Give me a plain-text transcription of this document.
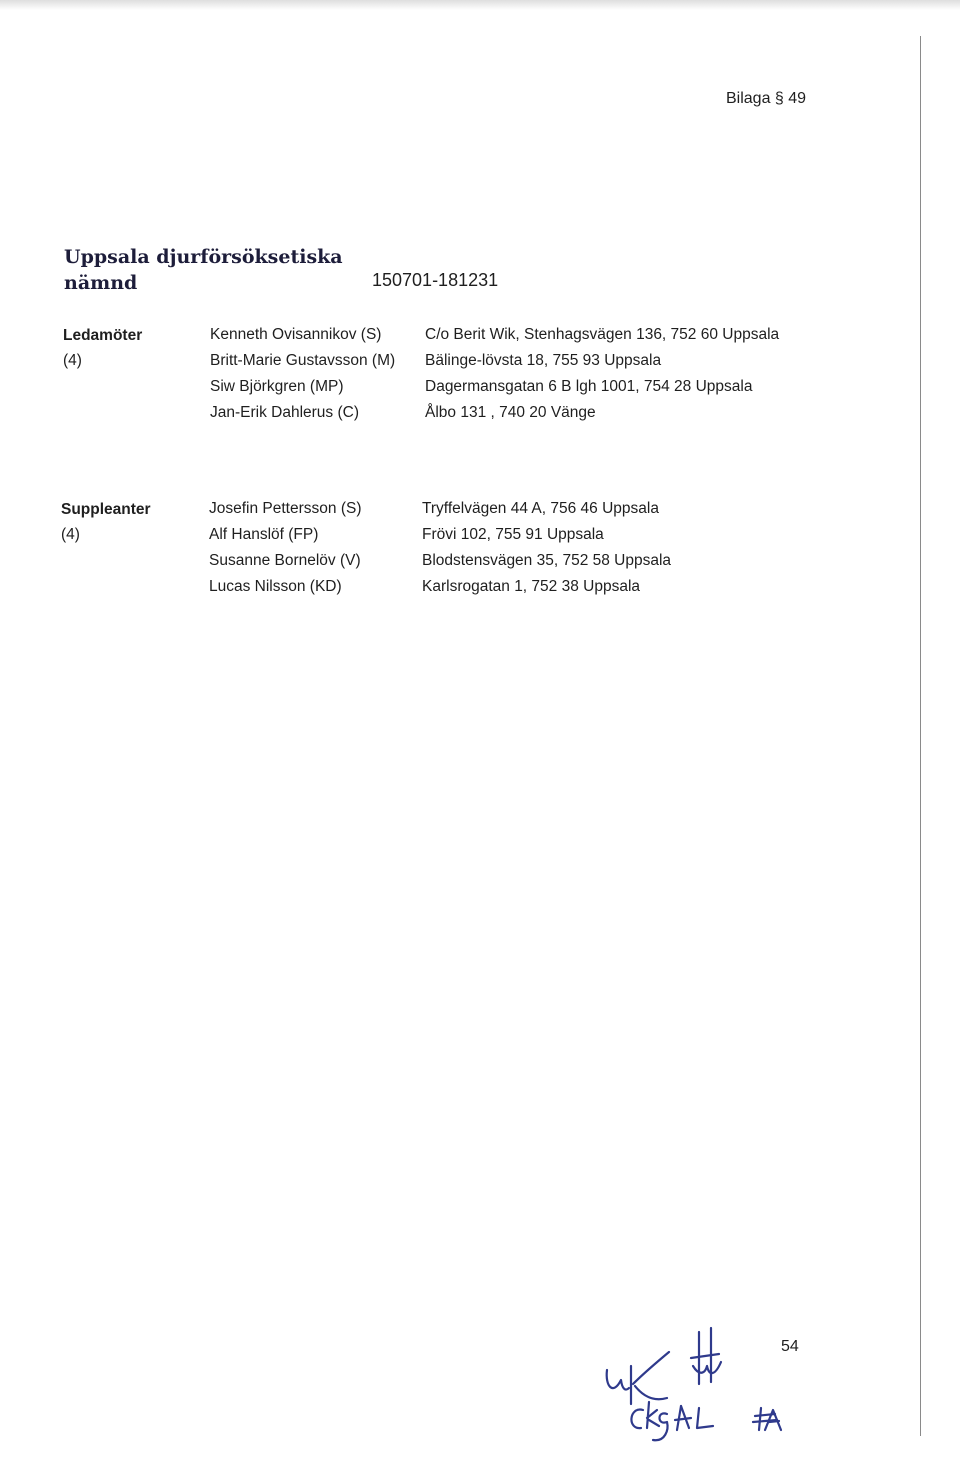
Bilaga § 49
Uppsala djurförsöksetiska
nämnd	150701-181231
Ledamöter
(4)
Kenneth Ovisannikov (S)
Britt-Marie Gustavsson (M)
Siw Björkgren (MP)
Jan-Erik Dahlerus (C)
C/o Berit Wik, Stenhagsvägen 136, 752 60 Uppsala
Bälinge-lövsta 18, 755 93 Uppsala
Dagermansgatan 6 B lgh 1001, 754 28 Uppsala
Ålbo 131 , 740 20 Vänge
Suppleanter
(4)
Josefin Pettersson (S)
Alf Hanslöf (FP)
Susanne Bornelöv (V)
Lucas Nilsson (KD)
Tryffelvägen 44 A, 756 46 Uppsala
Frövi 102, 755 91 Uppsala
Blodstensvägen 35, 752 58 Uppsala
Karlsrogatan 1, 752 38 Uppsala
54
